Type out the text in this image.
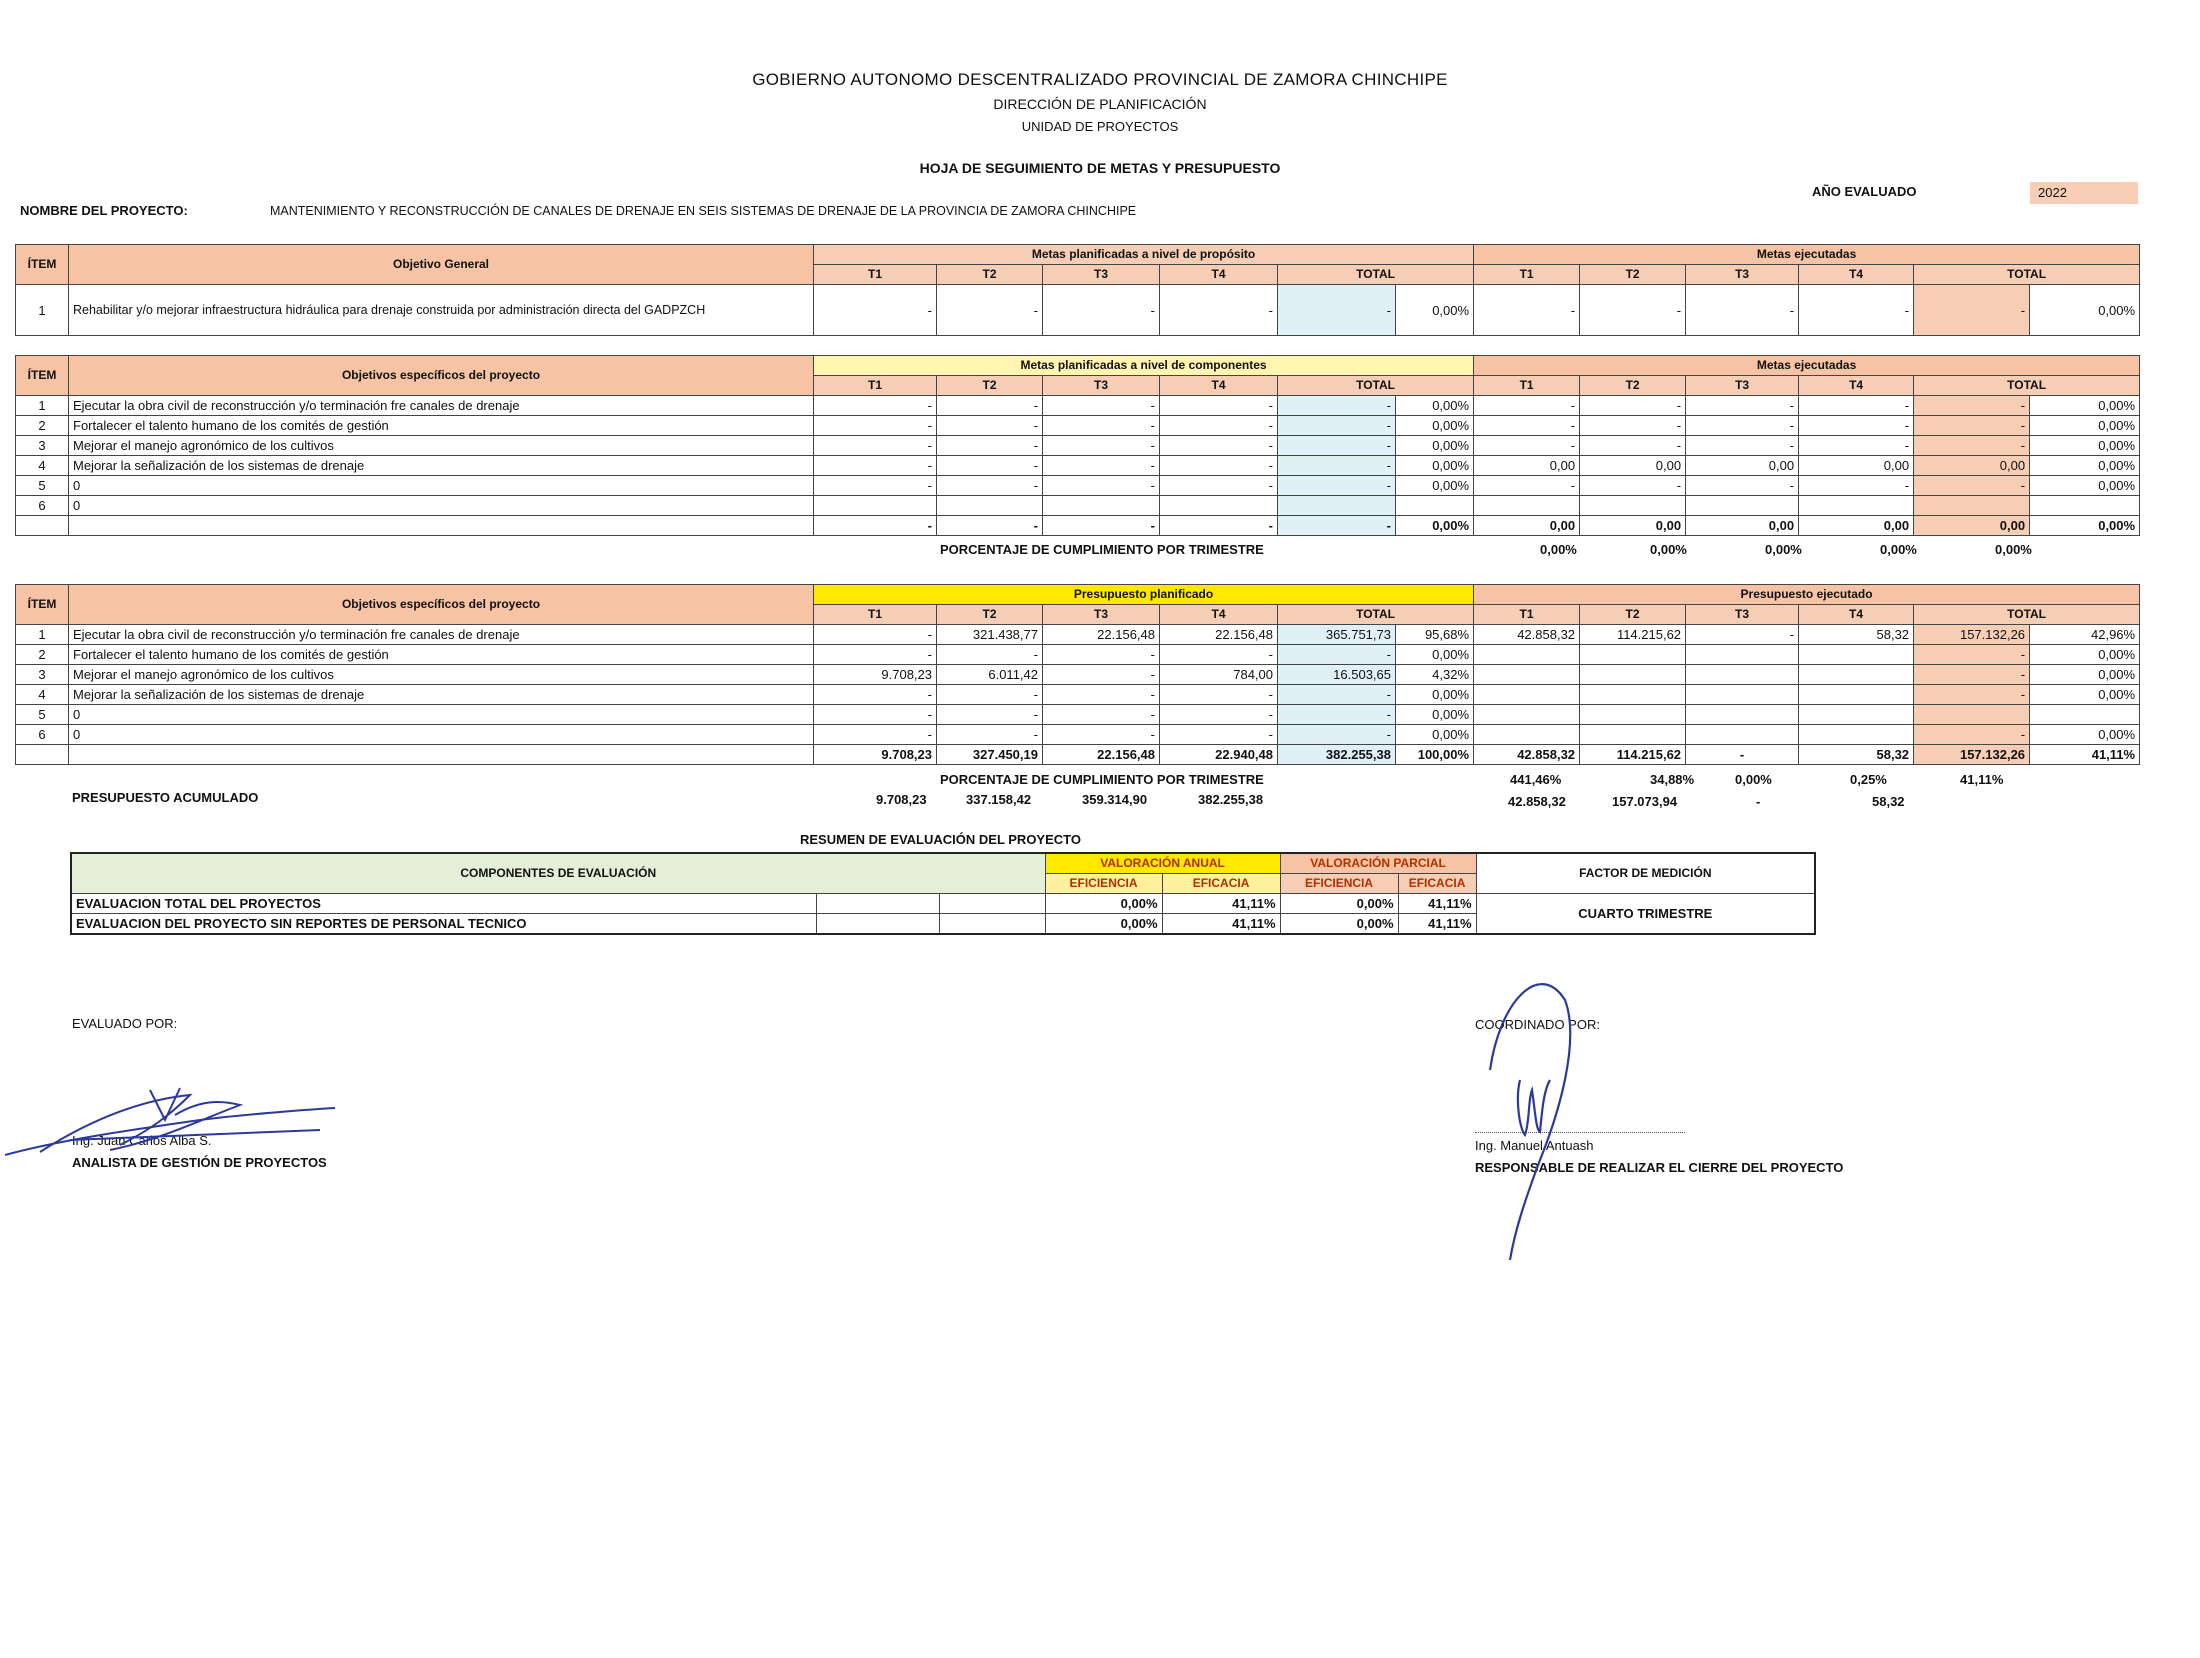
GOBIERNO AUTONOMO DESCENTRALIZADO PROVINCIAL DE ZAMORA CHINCHIPE
DIRECCIÓN DE PLANIFICACIÓN
UNIDAD DE PROYECTOS
HOJA DE SEGUIMIENTO DE METAS Y PRESUPUESTO
AÑO EVALUADO	2022
NOMBRE DEL PROYECTO:	MANTENIMIENTO Y RECONSTRUCCIÓN DE CANALES DE DRENAJE EN SEIS SISTEMAS DE DRENAJE DE LA PROVINCIA DE ZAMORA CHINCHIPE
ÍTEM	Objetivo General	Metas planificadas a nivel de propósito						Metas ejecutadas					
		T1	T2	T3	T4	TOTAL		T1	T2	T3	T4	TOTAL	
1	Rehabilitar y/o mejorar infraestructura hidráulica para drenaje construida por administración directa del GADPZCH	-	-	-	-	-	0,00%	-	-	-	-	-	0,00%
ÍTEM	Objetivos específicos del proyecto	Metas planificadas a nivel de componentes						Metas ejecutadas					
		T1	T2	T3	T4	TOTAL		T1	T2	T3	T4	TOTAL	
1	Ejecutar la obra civil de reconstrucción y/o terminación fre canales de drenaje	-	-	-	-	-	0,00%	-	-	-	-	-	0,00%
2	Fortalecer el talento humano de los comités de gestión	-	-	-	-	-	0,00%	-	-	-	-	-	0,00%
3	Mejorar el manejo agronómico de los cultivos	-	-	-	-	-	0,00%	-	-	-	-	-	0,00%
4	Mejorar la señalización de los sistemas de drenaje	-	-	-	-	-	0,00%	0,00	0,00	0,00	0,00	0,00	0,00%
5	0	-	-	-	-	-	0,00%	-	-	-	-	-	0,00%
6	0												
		-	-	-	-	-	0,00%	0,00	0,00	0,00	0,00	0,00	0,00%
PORCENTAJE DE CUMPLIMIENTO POR TRIMESTRE	0,00%	0,00%	0,00%	0,00%	0,00%
ÍTEM	Objetivos específicos del proyecto	Presupuesto planificado						Presupuesto ejecutado					
		T1	T2	T3	T4	TOTAL		T1	T2	T3	T4	TOTAL	
1	Ejecutar la obra civil de reconstrucción y/o terminación fre canales de drenaje	-	321.438,77	22.156,48	22.156,48	365.751,73	95,68%	42.858,32	114.215,62	-	58,32	157.132,26	42,96%
2	Fortalecer el talento humano de los comités de gestión	-	-	-	-	-	0,00%					-	0,00%
3	Mejorar el manejo agronómico de los cultivos	9.708,23	6.011,42	-	784,00	16.503,65	4,32%					-	0,00%
4	Mejorar la señalización de los sistemas de drenaje	-	-	-	-	-	0,00%					-	0,00%
5	0	-	-	-	-	-	0,00%						
6	0	-	-	-	-	-	0,00%					-	0,00%
		9.708,23	327.450,19	22.156,48	22.940,48	382.255,38	100,00%	42.858,32	114.215,62	-	58,32	157.132,26	41,11%
PORCENTAJE DE CUMPLIMIENTO POR TRIMESTRE	441,46%	34,88%	0,00%	0,25%	41,11%
PRESUPUESTO ACUMULADO	9.708,23	337.158,42	359.314,90	382.255,38	42.858,32	157.073,94	-	58,32
RESUMEN DE EVALUACIÓN DEL PROYECTO
COMPONENTES DE EVALUACIÓN			VALORACIÓN ANUAL		VALORACIÓN PARCIAL		FACTOR DE MEDICIÓN
			EFICIENCIA	EFICACIA	EFICIENCIA	EFICACIA	
EVALUACION TOTAL DEL PROYECTOS			0,00%	41,11%	0,00%	41,11%	CUARTO TRIMESTRE
EVALUACION DEL PROYECTO SIN REPORTES DE PERSONAL TECNICO			0,00%	41,11%	0,00%	41,11%	
EVALUADO POR:
Ing. Juan Carlos Alba S.
ANALISTA DE GESTIÓN DE PROYECTOS
COORDINADO POR:
Ing. Manuel Antuash
RESPONSABLE DE REALIZAR EL CIERRE DEL PROYECTO
